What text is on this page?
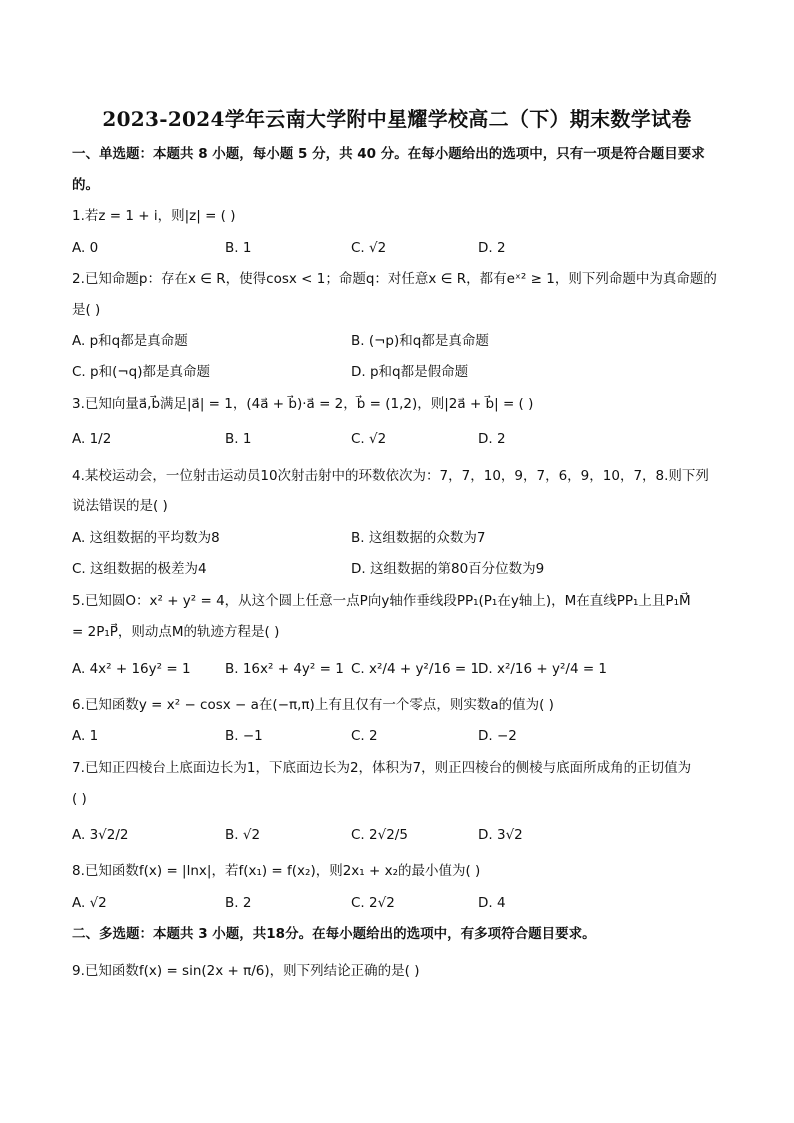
2023-2024学年云南大学附中星耀学校高二（下）期末数学试卷
一、单选题：本题共 8 小题，每小题 5 分，共 40 分。在每小题给出的选项中，只有一项是符合题目要求
的。
1.若z = 1 + i，则|z| = ( )
A. 0	B. 1	C. √2	D. 2
2.已知命题p：存在x ∈ R，使得cosx < 1；命题q：对任意x ∈ R，都有eˣ² ≥ 1，则下列命题中为真命题的
是( )
A. p和q都是真命题	B. (¬p)和q都是真命题
C. p和(¬q)都是真命题	D. p和q都是假命题
3.已知向量a⃗,b⃗满足|a⃗| = 1，(4a⃗ + b⃗)·a⃗ = 2，b⃗ = (1,2)，则|2a⃗ + b⃗| = ( )
A. 1/2	B. 1	C. √2	D. 2
4.某校运动会，一位射击运动员10次射击射中的环数依次为：7，7，10，9，7，6，9，10，7，8.则下列
说法错误的是( )
A. 这组数据的平均数为8	B. 这组数据的众数为7
C. 这组数据的极差为4	D. 这组数据的第80百分位数为9
5.已知圆O：x² + y² = 4，从这个圆上任意一点P向y轴作垂线段PP₁(P₁在y轴上)，M在直线PP₁上且P₁M⃗
= 2P₁P⃗，则动点M的轨迹方程是( )
A. 4x² + 16y² = 1	B. 16x² + 4y² = 1 C. x²/4 + y²/16 = 1
D. x²/16 + y²/4 = 1
6.已知函数y = x² − cosx − a在(−π,π)上有且仅有一个零点，则实数a的值为( )
A. 1	B. −1	C. 2	D. −2
7.已知正四棱台上底面边长为1，下底面边长为2，体积为7，则正四棱台的侧棱与底面所成角的正切值为
( )
A. 3√2/2	B. √2	C. 2√2/5	D. 3√2
8.已知函数f(x) = |lnx|，若f(x₁) = f(x₂)，则2x₁ + x₂的最小值为( )
A. √2	B. 2	C. 2√2	D. 4
二、多选题：本题共 3 小题，共18分。在每小题给出的选项中，有多项符合题目要求。
9.已知函数f(x) = sin(2x + π/6)，则下列结论正确的是( )
